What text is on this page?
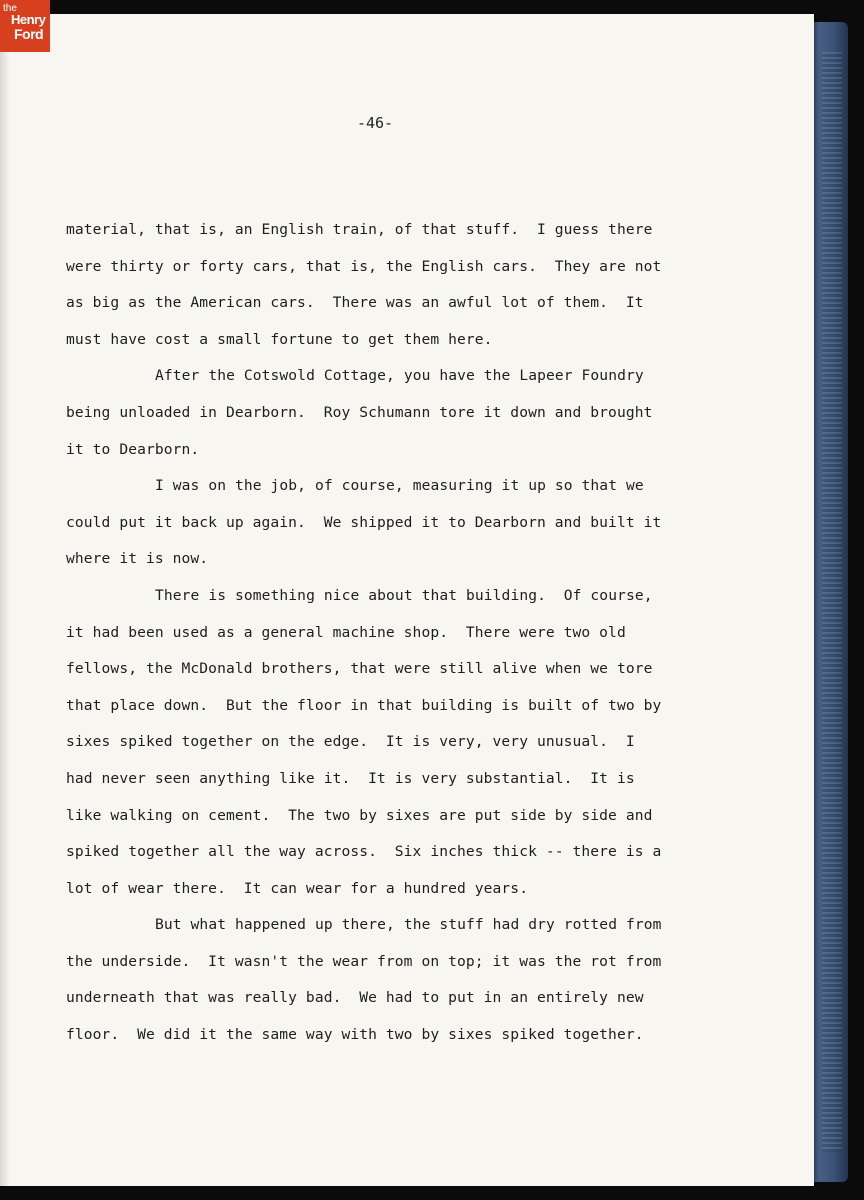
-46-
material, that is, an English train, of that stuff.  I guess there
were thirty or forty cars, that is, the English cars.  They are not
as big as the American cars.  There was an awful lot of them.  It
must have cost a small fortune to get them here.
After the Cotswold Cottage, you have the Lapeer Foundry
being unloaded in Dearborn.  Roy Schumann tore it down and brought
it to Dearborn.
I was on the job, of course, measuring it up so that we
could put it back up again.  We shipped it to Dearborn and built it
where it is now.
There is something nice about that building.  Of course,
it had been used as a general machine shop.  There were two old
fellows, the McDonald brothers, that were still alive when we tore
that place down.  But the floor in that building is built of two by
sixes spiked together on the edge.  It is very, very unusual.  I
had never seen anything like it.  It is very substantial.  It is
like walking on cement.  The two by sixes are put side by side and
spiked together all the way across.  Six inches thick -- there is a
lot of wear there.  It can wear for a hundred years.
But what happened up there, the stuff had dry rotted from
the underside.  It wasn't the wear from on top; it was the rot from
underneath that was really bad.  We had to put in an entirely new
floor.  We did it the same way with two by sixes spiked together.
the
Henry
Ford
